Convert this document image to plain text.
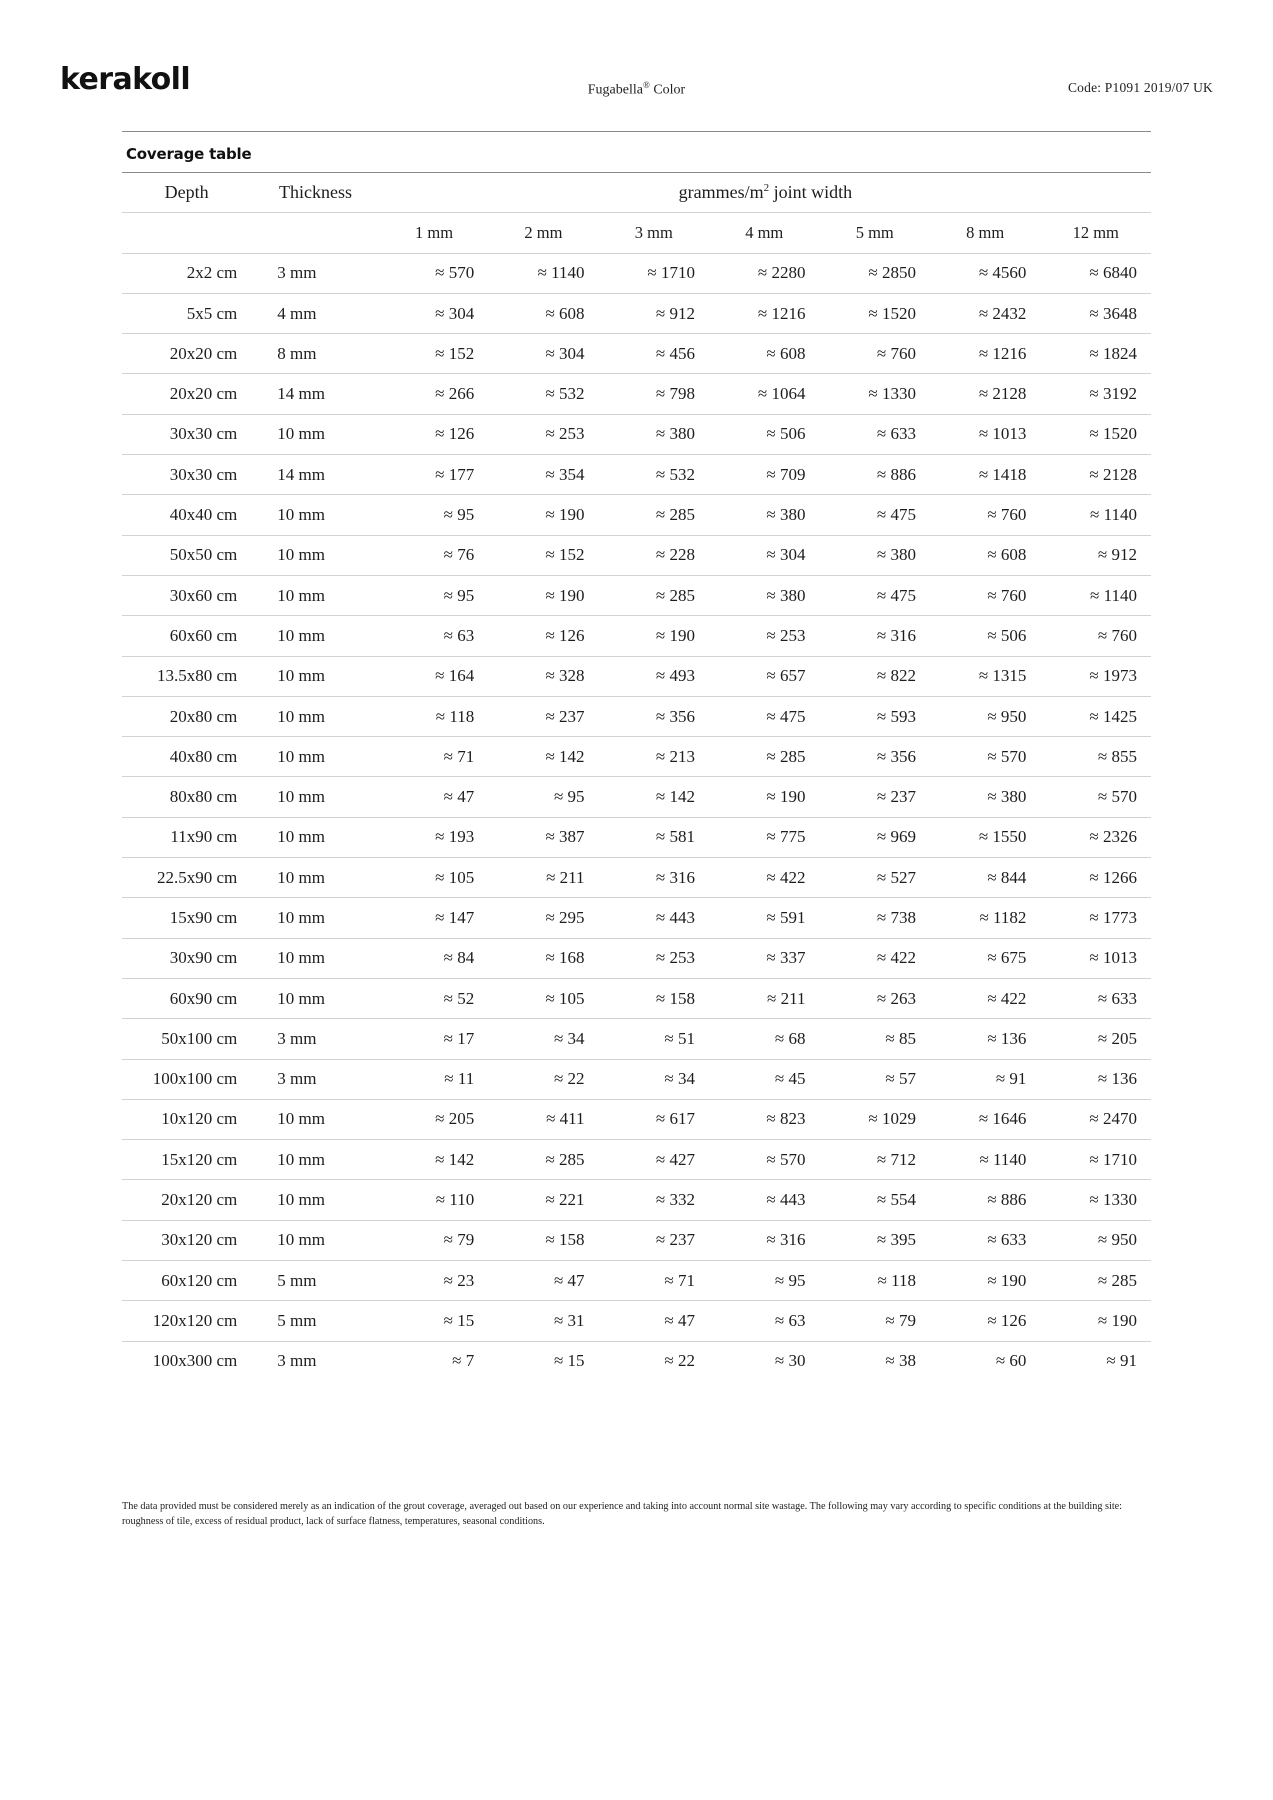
kerakoll	Fugabella® Color	Code: P1091 2019/07 UK
Coverage table
Depth	Thickness	grammes/$m^2$ joint width						
		1 mm	2 mm	3 mm	4 mm	5 mm	8 mm	12 mm
2x2 cm	3 mm	≈ 570	≈ 1140	≈ 1710	≈ 2280	≈ 2850	≈ 4560	≈ 6840
5x5 cm	4 mm	≈ 304	≈ 608	≈ 912	≈ 1216	≈ 1520	≈ 2432	≈ 3648
20x20 cm	8 mm	≈ 152	≈ 304	≈ 456	≈ 608	≈ 760	≈ 1216	≈ 1824
20x20 cm	14 mm	≈ 266	≈ 532	≈ 798	≈ 1064	≈ 1330	≈ 2128	≈ 3192
30x30 cm	10 mm	≈ 126	≈ 253	≈ 380	≈ 506	≈ 633	≈ 1013	≈ 1520
30x30 cm	14 mm	≈ 177	≈ 354	≈ 532	≈ 709	≈ 886	≈ 1418	≈ 2128
40x40 cm	10 mm	≈ 95	≈ 190	≈ 285	≈ 380	≈ 475	≈ 760	≈ 1140
50x50 cm	10 mm	≈ 76	≈ 152	≈ 228	≈ 304	≈ 380	≈ 608	≈ 912
30x60 cm	10 mm	≈ 95	≈ 190	≈ 285	≈ 380	≈ 475	≈ 760	≈ 1140
60x60 cm	10 mm	≈ 63	≈ 126	≈ 190	≈ 253	≈ 316	≈ 506	≈ 760
13.5x80 cm	10 mm	≈ 164	≈ 328	≈ 493	≈ 657	≈ 822	≈ 1315	≈ 1973
20x80 cm	10 mm	≈ 118	≈ 237	≈ 356	≈ 475	≈ 593	≈ 950	≈ 1425
40x80 cm	10 mm	≈ 71	≈ 142	≈ 213	≈ 285	≈ 356	≈ 570	≈ 855
80x80 cm	10 mm	≈ 47	≈ 95	≈ 142	≈ 190	≈ 237	≈ 380	≈ 570
11x90 cm	10 mm	≈ 193	≈ 387	≈ 581	≈ 775	≈ 969	≈ 1550	≈ 2326
22.5x90 cm	10 mm	≈ 105	≈ 211	≈ 316	≈ 422	≈ 527	≈ 844	≈ 1266
15x90 cm	10 mm	≈ 147	≈ 295	≈ 443	≈ 591	≈ 738	≈ 1182	≈ 1773
30x90 cm	10 mm	≈ 84	≈ 168	≈ 253	≈ 337	≈ 422	≈ 675	≈ 1013
60x90 cm	10 mm	≈ 52	≈ 105	≈ 158	≈ 211	≈ 263	≈ 422	≈ 633
50x100 cm	3 mm	≈ 17	≈ 34	≈ 51	≈ 68	≈ 85	≈ 136	≈ 205
100x100 cm	3 mm	≈ 11	≈ 22	≈ 34	≈ 45	≈ 57	≈ 91	≈ 136
10x120 cm	10 mm	≈ 205	≈ 411	≈ 617	≈ 823	≈ 1029	≈ 1646	≈ 2470
15x120 cm	10 mm	≈ 142	≈ 285	≈ 427	≈ 570	≈ 712	≈ 1140	≈ 1710
20x120 cm	10 mm	≈ 110	≈ 221	≈ 332	≈ 443	≈ 554	≈ 886	≈ 1330
30x120 cm	10 mm	≈ 79	≈ 158	≈ 237	≈ 316	≈ 395	≈ 633	≈ 950
60x120 cm	5 mm	≈ 23	≈ 47	≈ 71	≈ 95	≈ 118	≈ 190	≈ 285
120x120 cm	5 mm	≈ 15	≈ 31	≈ 47	≈ 63	≈ 79	≈ 126	≈ 190
100x300 cm	3 mm	≈ 7	≈ 15	≈ 22	≈ 30	≈ 38	≈ 60	≈ 91
The data provided must be considered merely as an indication of the grout coverage, averaged out based on our experience and taking into account normal site wastage. The following may vary according to specific conditions at the building site: roughness of tile, excess of residual product, lack of surface flatness, temperatures, seasonal conditions.
